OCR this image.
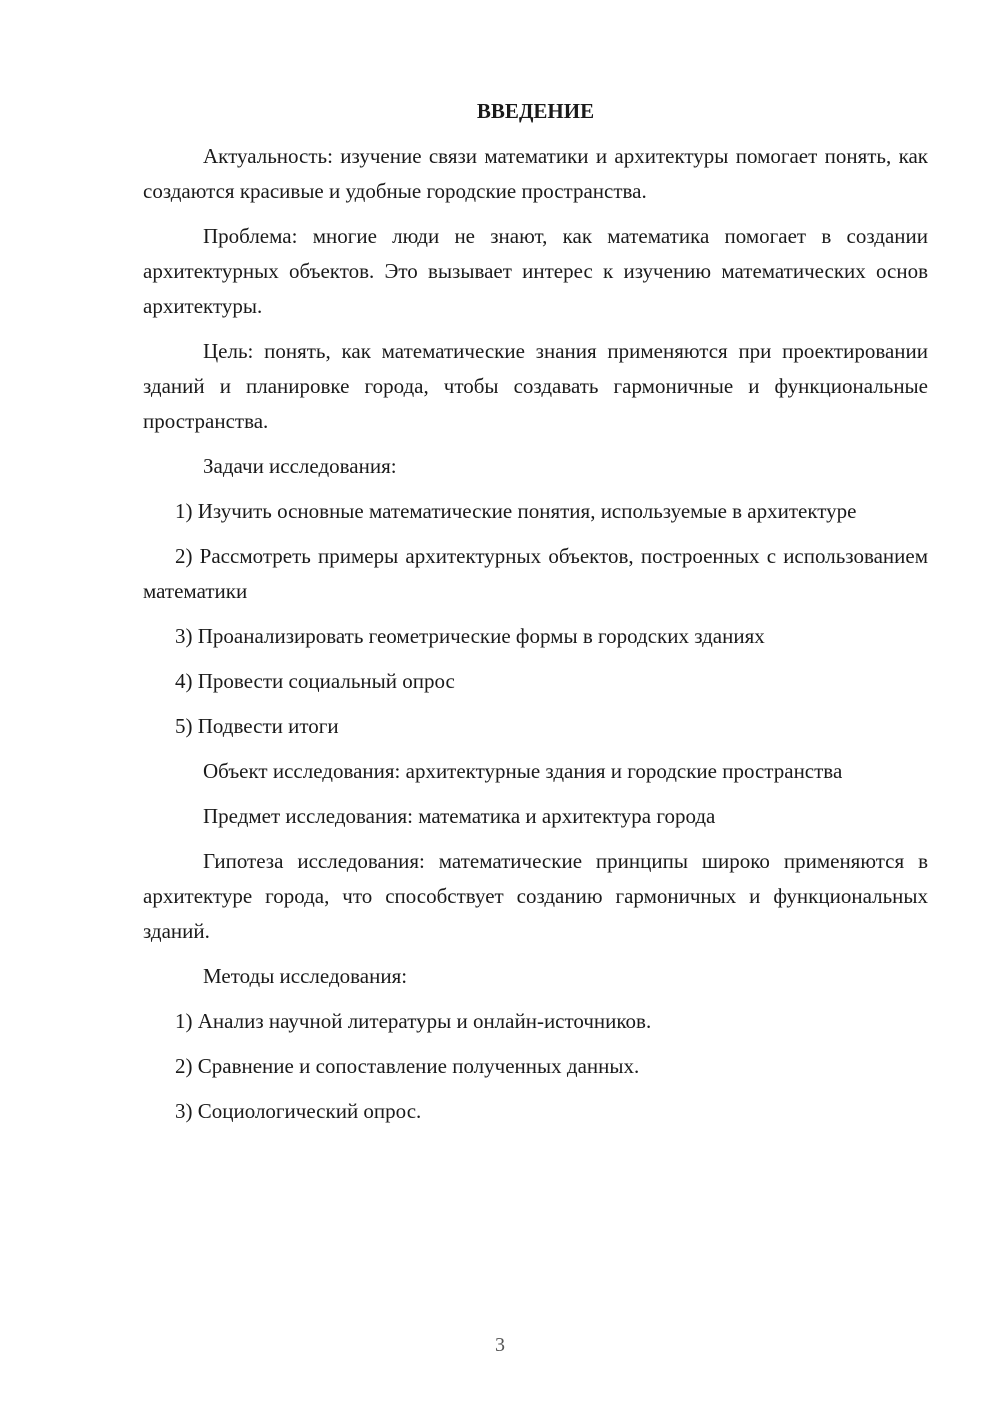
ВВЕДЕНИЕ

Актуальность: изучение связи математики и архитектуры помогает понять, как создаются красивые и удобные городские пространства.

Проблема: многие люди не знают, как математика помогает в создании архитектурных объектов. Это вызывает интерес к изучению математических основ архитектуры.

Цель: понять, как математические знания применяются при проектировании зданий и планировке города, чтобы создавать гармоничные и функциональные пространства.

Задачи исследования:

1) Изучить основные математические понятия, используемые в архитектуре

2) Рассмотреть примеры архитектурных объектов, построенных с использованием математики

3) Проанализировать геометрические формы в городских зданиях

4) Провести социальный опрос

5) Подвести итоги

Объект исследования: архитектурные здания и городские пространства

Предмет исследования: математика и архитектура города

Гипотеза исследования: математические принципы широко применяются в архитектуре города, что способствует созданию гармоничных и функциональных зданий.

Методы исследования:

1) Анализ научной литературы и онлайн-источников.

2) Сравнение и сопоставление полученных данных.

3) Социологический опрос.

3
